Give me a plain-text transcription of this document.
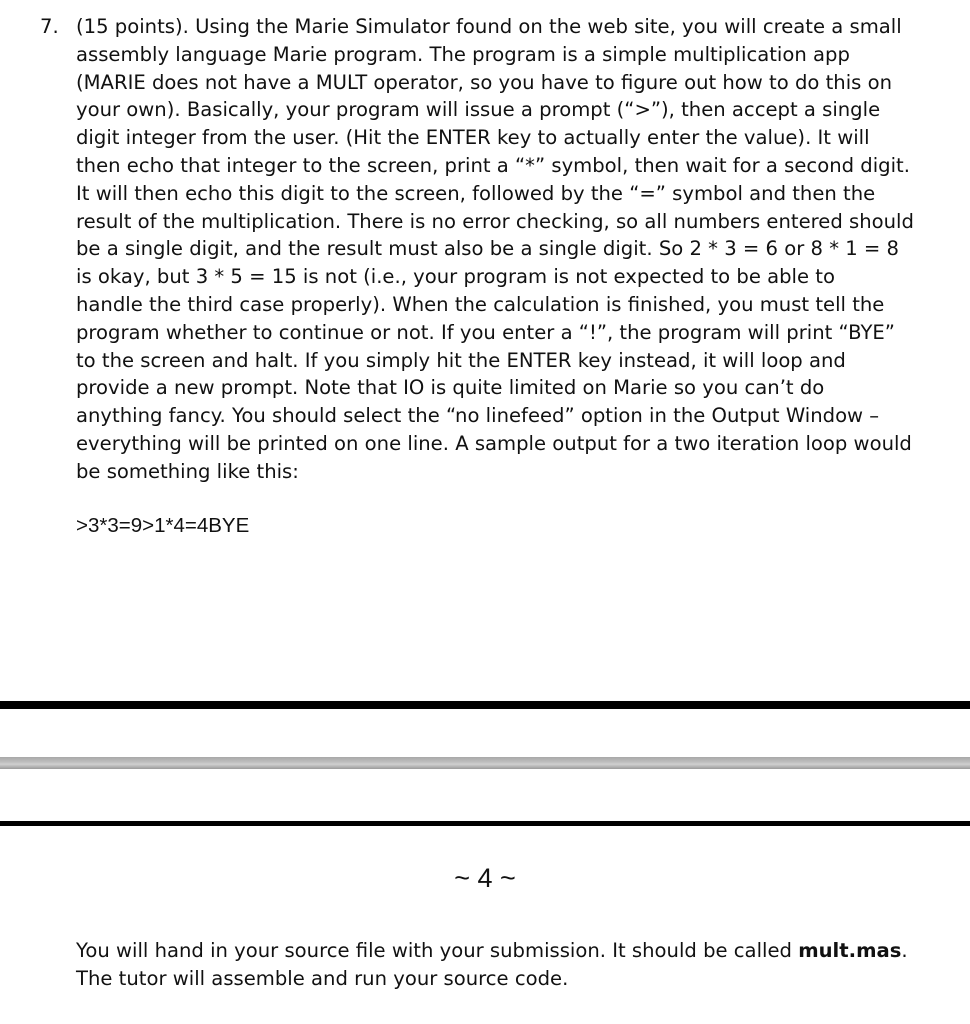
7. (15 points). Using the Marie Simulator found on the web site, you will create a small
assembly language Marie program. The program is a simple multiplication app
(MARIE does not have a MULT operator, so you have to figure out how to do this on
your own). Basically, your program will issue a prompt (“>”), then accept a single
digit integer from the user. (Hit the ENTER key to actually enter the value). It will
then echo that integer to the screen, print a “*” symbol, then wait for a second digit.
It will then echo this digit to the screen, followed by the “=” symbol and then the
result of the multiplication. There is no error checking, so all numbers entered should
be a single digit, and the result must also be a single digit. So 2 * 3 = 6 or 8 * 1 = 8
is okay, but 3 * 5 = 15 is not (i.e., your program is not expected to be able to
handle the third case properly). When the calculation is finished, you must tell the
program whether to continue or not. If you enter a “!”, the program will print “BYE”
to the screen and halt. If you simply hit the ENTER key instead, it will loop and
provide a new prompt. Note that IO is quite limited on Marie so you can’t do
anything fancy. You should select the “no linefeed” option in the Output Window –
everything will be printed on one line. A sample output for a two iteration loop would
be something like this:
>3*3=9>1*4=4BYE
~ 4 ~
You will hand in your source file with your submission. It should be called mult.mas.
The tutor will assemble and run your source code.
